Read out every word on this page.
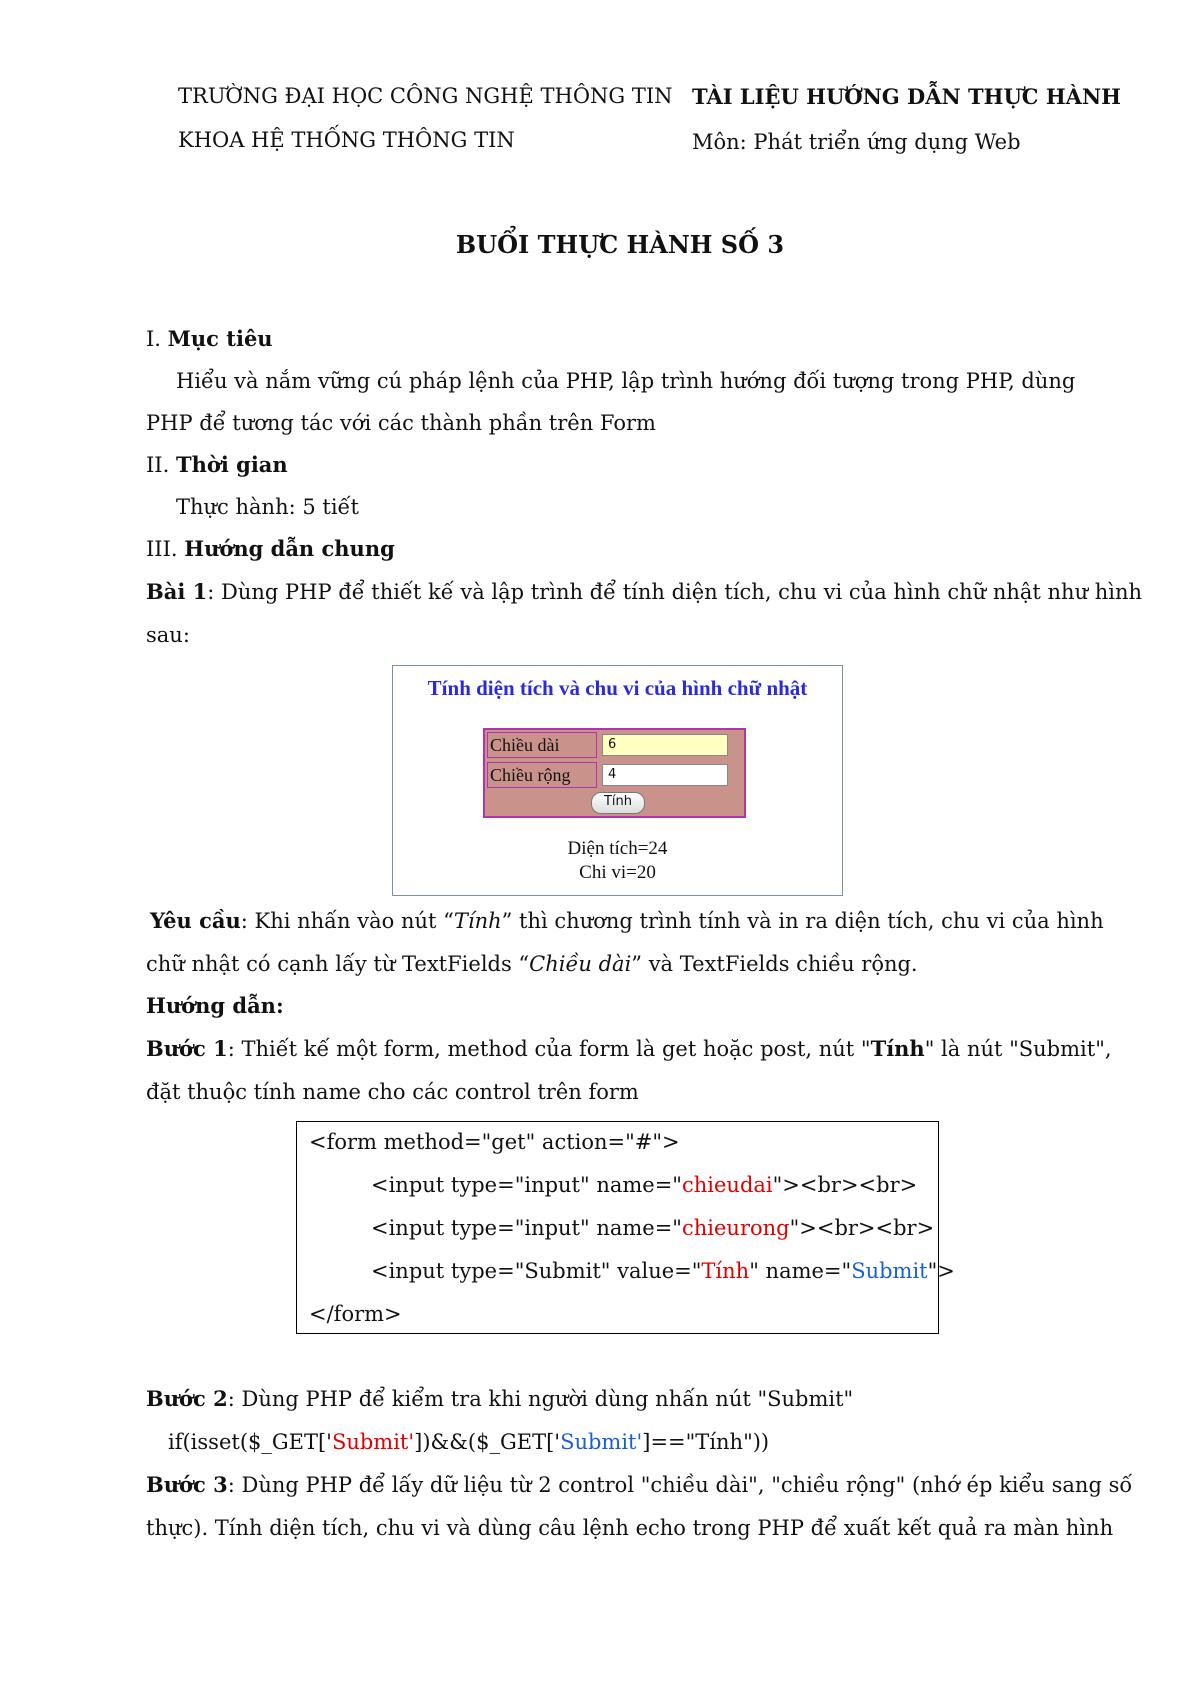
TRƯỜNG ĐẠI HỌC CÔNG NGHỆ THÔNG TIN
KHOA HỆ THỐNG THÔNG TIN
TÀI LIỆU HƯỚNG DẪN THỰC HÀNH
Môn: Phát triển ứng dụng Web
BUỔI THỰC HÀNH SỐ 3
I. Mục tiêu
Hiểu và nắm vững cú pháp lệnh của PHP, lập trình hướng đối tượng trong PHP, dùng
PHP để tương tác với các thành phần trên Form
II. Thời gian
Thực hành: 5 tiết
III. Hướng dẫn chung
Bài 1: Dùng PHP để thiết kế và lập trình để tính diện tích, chu vi của hình chữ nhật như hình
sau:
Tính diện tích và chu vi của hình chữ nhật
Chiều dài	6
Chiều rộng	4
Tính
Diện tích=24
Chi vi=20
Yêu cầu: Khi nhấn vào nút “Tính” thì chương trình tính và in ra diện tích, chu vi của hình
chữ nhật có cạnh lấy từ TextFields “Chiều dài” và TextFields chiều rộng.
Hướng dẫn:
Bước 1: Thiết kế một form, method của form là get hoặc post, nút "Tính" là nút "Submit",
đặt thuộc tính name cho các control trên form
<form method="get" action="#">
<input type="input" name="chieudai"><br><br>
<input type="input" name="chieurong"><br><br>
<input type="Submit" value="Tính" name="Submit">
</form>
Bước 2: Dùng PHP để kiểm tra khi người dùng nhấn nút "Submit"
if(isset($_GET['Submit'])&&($_GET['Submit']=="Tính"))
Bước 3: Dùng PHP để lấy dữ liệu từ 2 control "chiều dài", "chiều rộng" (nhớ ép kiểu sang số
thực). Tính diện tích, chu vi và dùng câu lệnh echo trong PHP để xuất kết quả ra màn hình
